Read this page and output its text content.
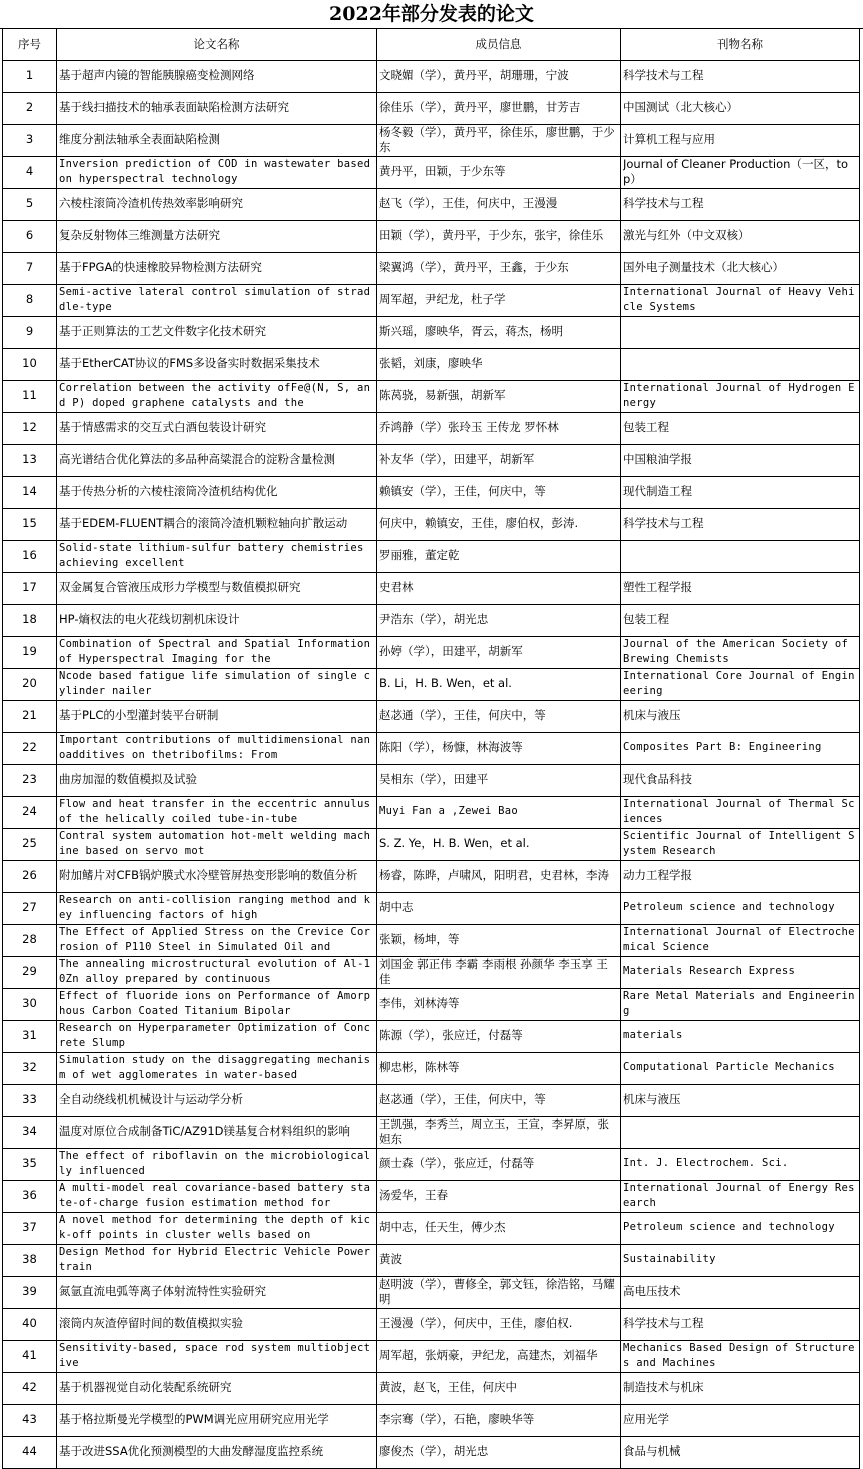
2022年部分发表的论文
序号	论文名称	成员信息	刊物名称

1	基于超声内镜的智能胰腺癌变检测网络	文晓媚（学），黄丹平，胡珊珊，宁波	科学技术与工程

2	基于线扫描技术的轴承表面缺陷检测方法研究	徐佳乐（学），黄丹平，廖世鹏，甘芳吉	中国测试（北大核心）

3	维度分割法轴承全表面缺陷检测	杨冬毅（学），黄丹平，徐佳乐，廖世鹏，于少东	计算机工程与应用

4	Inversion prediction of COD in wastewater based on hyperspectral technology	黄丹平，田颖，于少东等	Journal of Cleaner Production（一区，top）

5	六棱柱滚筒冷渣机传热效率影响研究	赵飞（学），王佳，何庆中，王漫漫	科学技术与工程

6	复杂反射物体三维测量方法研究	田颖（学），黄丹平，于少东，张宇，徐佳乐	激光与红外（中文双核）

7	基于FPGA的快速橡胶异物检测方法研究	梁翼鸿（学），黄丹平，王鑫，于少东	国外电子测量技术（北大核心）

8	Semi-active lateral control simulation of straddle-type	周军超，尹纪龙，杜子学	International Journal of Heavy Vehicle Systems

9	基于正则算法的工艺文件数字化技术研究	斯兴瑶，廖映华，胥云，蒋杰，杨明	

10	基于EtherCAT协议的FMS多设备实时数据采集技术	张韬，刘康，廖映华	

11	Correlation between the activity ofFe@(N, S, and P) doped graphene catalysts and the	陈莴骁，易新强，胡新军	International Journal of Hydrogen Energy

12	基于情感需求的交互式白酒包装设计研究	乔鸿静（学）张玲玉 王传龙 罗怀林	包装工程

13	高光谱结合优化算法的多品种高粱混合的淀粉含量检测	补友华（学），田建平，胡新军	中国粮油学报

14	基于传热分析的六棱柱滚筒冷渣机结构优化	赖镇安（学），王佳，何庆中，等	现代制造工程

15	基于EDEM-FLUENT耦合的滚筒冷渣机颗粒轴向扩散运动	何庆中，赖镇安，王佳，廖伯权，彭涛.	科学技术与工程

16	Solid-state lithium-sulfur battery chemistries achieving excellent	罗丽雅，董定乾	

17	双金属复合管液压成形力学模型与数值模拟研究	史君林	塑性工程学报

18	HP-熵权法的电火花线切割机床设计	尹浩东（学），胡光忠	包装工程

19	Combination of Spectral and Spatial Information of Hyperspectral Imaging for the	孙婷（学），田建平，胡新军	Journal of the American Society of Brewing Chemists

20	Ncode based fatigue life simulation of single cylinder nailer	B. Li，H. B. Wen，et al.	International Core Journal of Engineering

21	基于PLC的小型灌封装平台研制	赵苾通（学），王佳，何庆中，等	机床与液压

22	Important contributions of multidimensional nanoadditives on thetribofilms: From	陈阳（学），杨慷，林海波等	Composites Part B: Engineering

23	曲房加湿的数值模拟及试验	吴相东（学），田建平	现代食品科技

24	Flow and heat transfer in the eccentric annulus of the helically coiled tube-in-tube	Muyi Fan a ,Zewei Bao	International Journal of Thermal Sciences

25	Contral system automation hot-melt welding machine based on servo mot	S. Z. Ye，H. B. Wen，et al.	Scientific Journal of Intelligent System Research

26	附加鳍片对CFB锅炉膜式水冷壁管屏热变形影响的数值分析	杨睿，陈晔，卢啸风，阳明君，史君林，李涛	动力工程学报

27	Research on anti-collision ranging method and key influencing factors of high	胡中志	Petroleum science and technology

28	The Effect of Applied Stress on the Crevice Corrosion of P110 Steel in Simulated Oil and	张颖，杨坤，等	International Journal of Electrochemical Science

29	The annealing microstructural evolution of Al-10Zn alloy prepared by continuous	刘国金 郭正伟 李霸 李雨根 孙颜华 李玉享 王佳	Materials Research Express

30	Effect of fluoride ions on Performance of Amorphous Carbon Coated Titanium Bipolar	李伟，刘林涛等	Rare Metal Materials and Engineering

31	Research on Hyperparameter Optimization of Concrete Slump	陈源（学），张应迁，付磊等	materials

32	Simulation study on the disaggregating mechanism of wet agglomerates in water-based	柳忠彬，陈林等	Computational Particle Mechanics

33	全自动绕线机机械设计与运动学分析	赵苾通（学），王佳，何庆中，等	机床与液压

34	温度对原位合成制备TiC/AZ91D镁基复合材料组织的影响	王凯强，李秀兰，周立玉，王宣，李昇原，张妲东	

35	The effect of riboflavin on the microbiologically influenced	颜士森（学），张应迁，付磊等	Int. J. Electrochem. Sci.

36	A multi-model real covariance-based battery state-of-charge fusion estimation method for	汤爱华，王春	International Journal of Energy Research

37	A novel method for determining the depth of kick-off points in cluster wells based on	胡中志，任天生，傅少杰	Petroleum science and technology

38	Design Method for Hybrid Electric Vehicle Powertrain	黄波	Sustainability

39	氮氩直流电弧等离子体射流特性实验研究	赵明波（学），曹修全，郭文钰，徐浩铭，马耀明	高电压技术

40	滚筒内灰渣停留时间的数值模拟实验	王漫漫（学），何庆中，王佳，廖伯权.	科学技术与工程

41	Sensitivity-based, space rod system multiobjective	周军超，张炳豪，尹纪龙，高建杰，刘福华	Mechanics Based Design of Structures and Machines

42	基于机器视觉自动化装配系统研究	黄波，赵飞，王佳，何庆中	制造技术与机床

43	基于格拉斯曼光学模型的PWM调光应用研究应用光学	李宗骞（学），石艳，廖映华等	应用光学

44	基于改进SSA优化预测模型的大曲发酵湿度监控系统	廖俊杰（学），胡光忠	食品与机械
